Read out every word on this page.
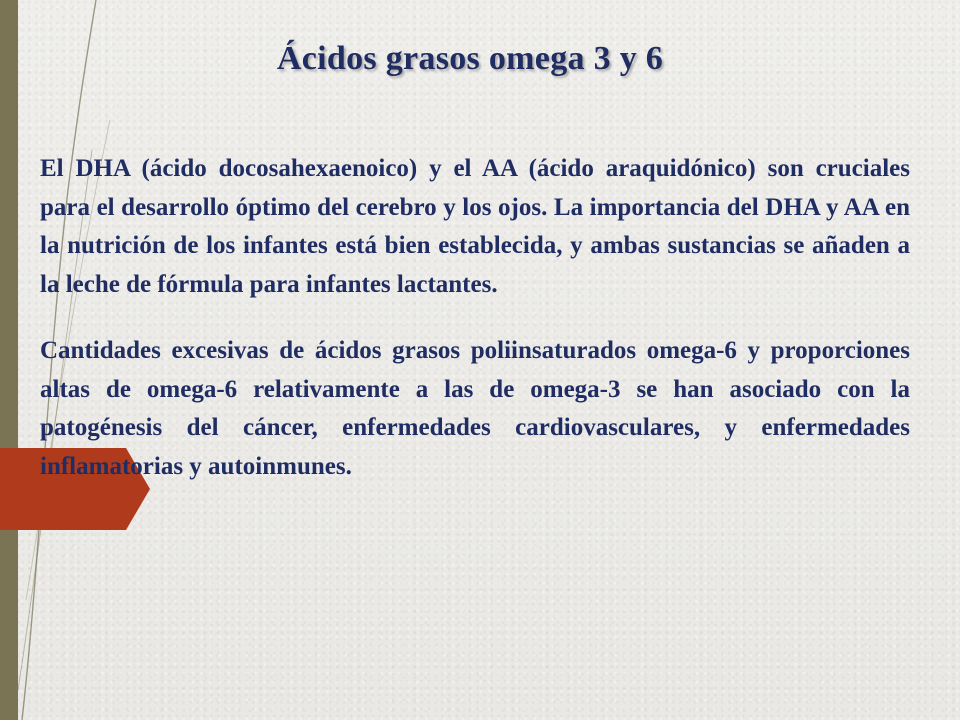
Ácidos grasos omega 3 y 6

El DHA (ácido docosahexaenoico) y el AA (ácido araquidónico) son cruciales para el desarrollo óptimo del cerebro y los ojos. La importancia del DHA y AA en la nutrición de los infantes está bien establecida, y ambas sustancias se añaden a la leche de fórmula para infantes lactantes.

Cantidades excesivas de ácidos grasos poliinsaturados omega-6 y proporciones altas de omega-6 relativamente a las de omega-3 se han asociado con la patogénesis del cáncer, enfermedades cardiovasculares, y enfermedades inflamatorias y autoinmunes.
